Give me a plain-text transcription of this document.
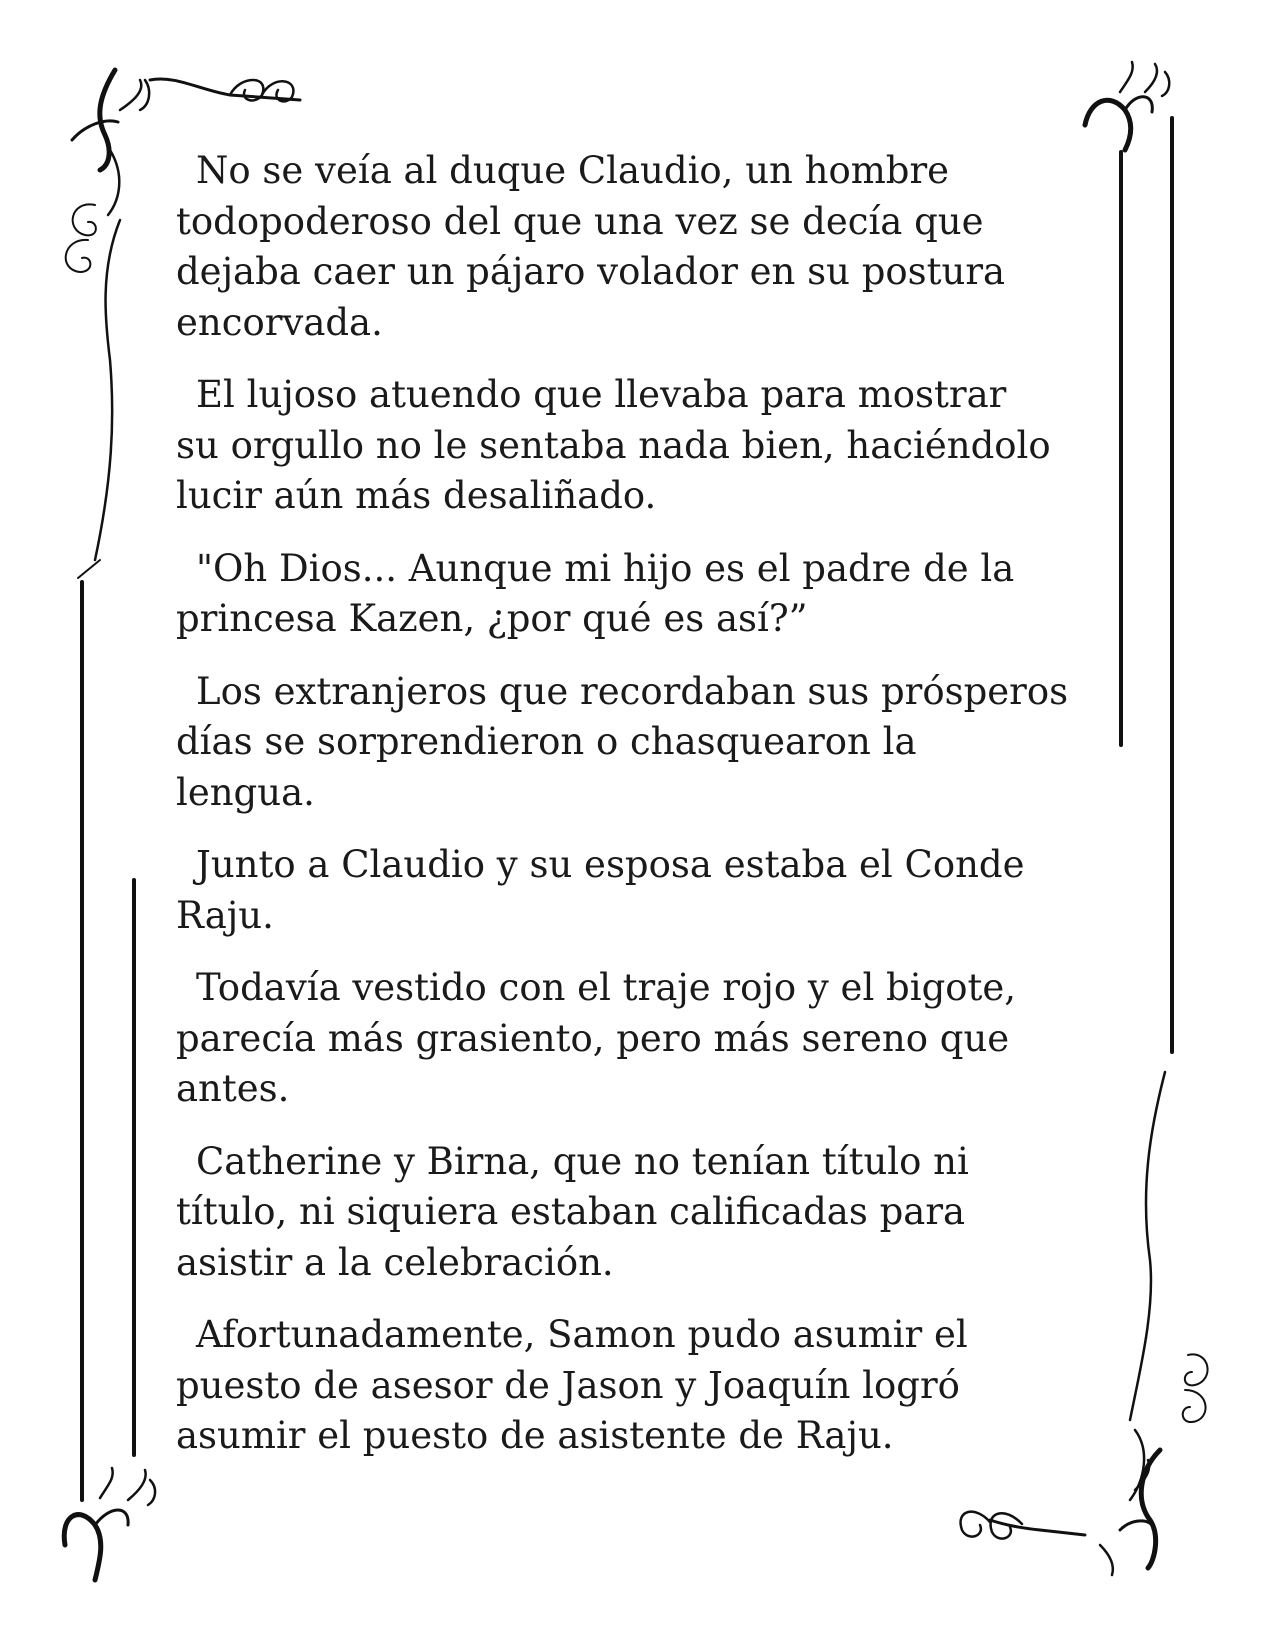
No se veía al duque Claudio, un hombre
todopoderoso del que una vez se decía que
dejaba caer un pájaro volador en su postura
encorvada.

El lujoso atuendo que llevaba para mostrar
su orgullo no le sentaba nada bien, haciéndolo
lucir aún más desaliñado.

"Oh Dios... Aunque mi hijo es el padre de la
princesa Kazen, ¿por qué es así?”

Los extranjeros que recordaban sus prósperos
días se sorprendieron o chasquearon la
lengua.

Junto a Claudio y su esposa estaba el Conde
Raju.

Todavía vestido con el traje rojo y el bigote,
parecía más grasiento, pero más sereno que
antes.

Catherine y Birna, que no tenían título ni
título, ni siquiera estaban calificadas para
asistir a la celebración.

Afortunadamente, Samon pudo asumir el
puesto de asesor de Jason y Joaquín logró
asumir el puesto de asistente de Raju.
